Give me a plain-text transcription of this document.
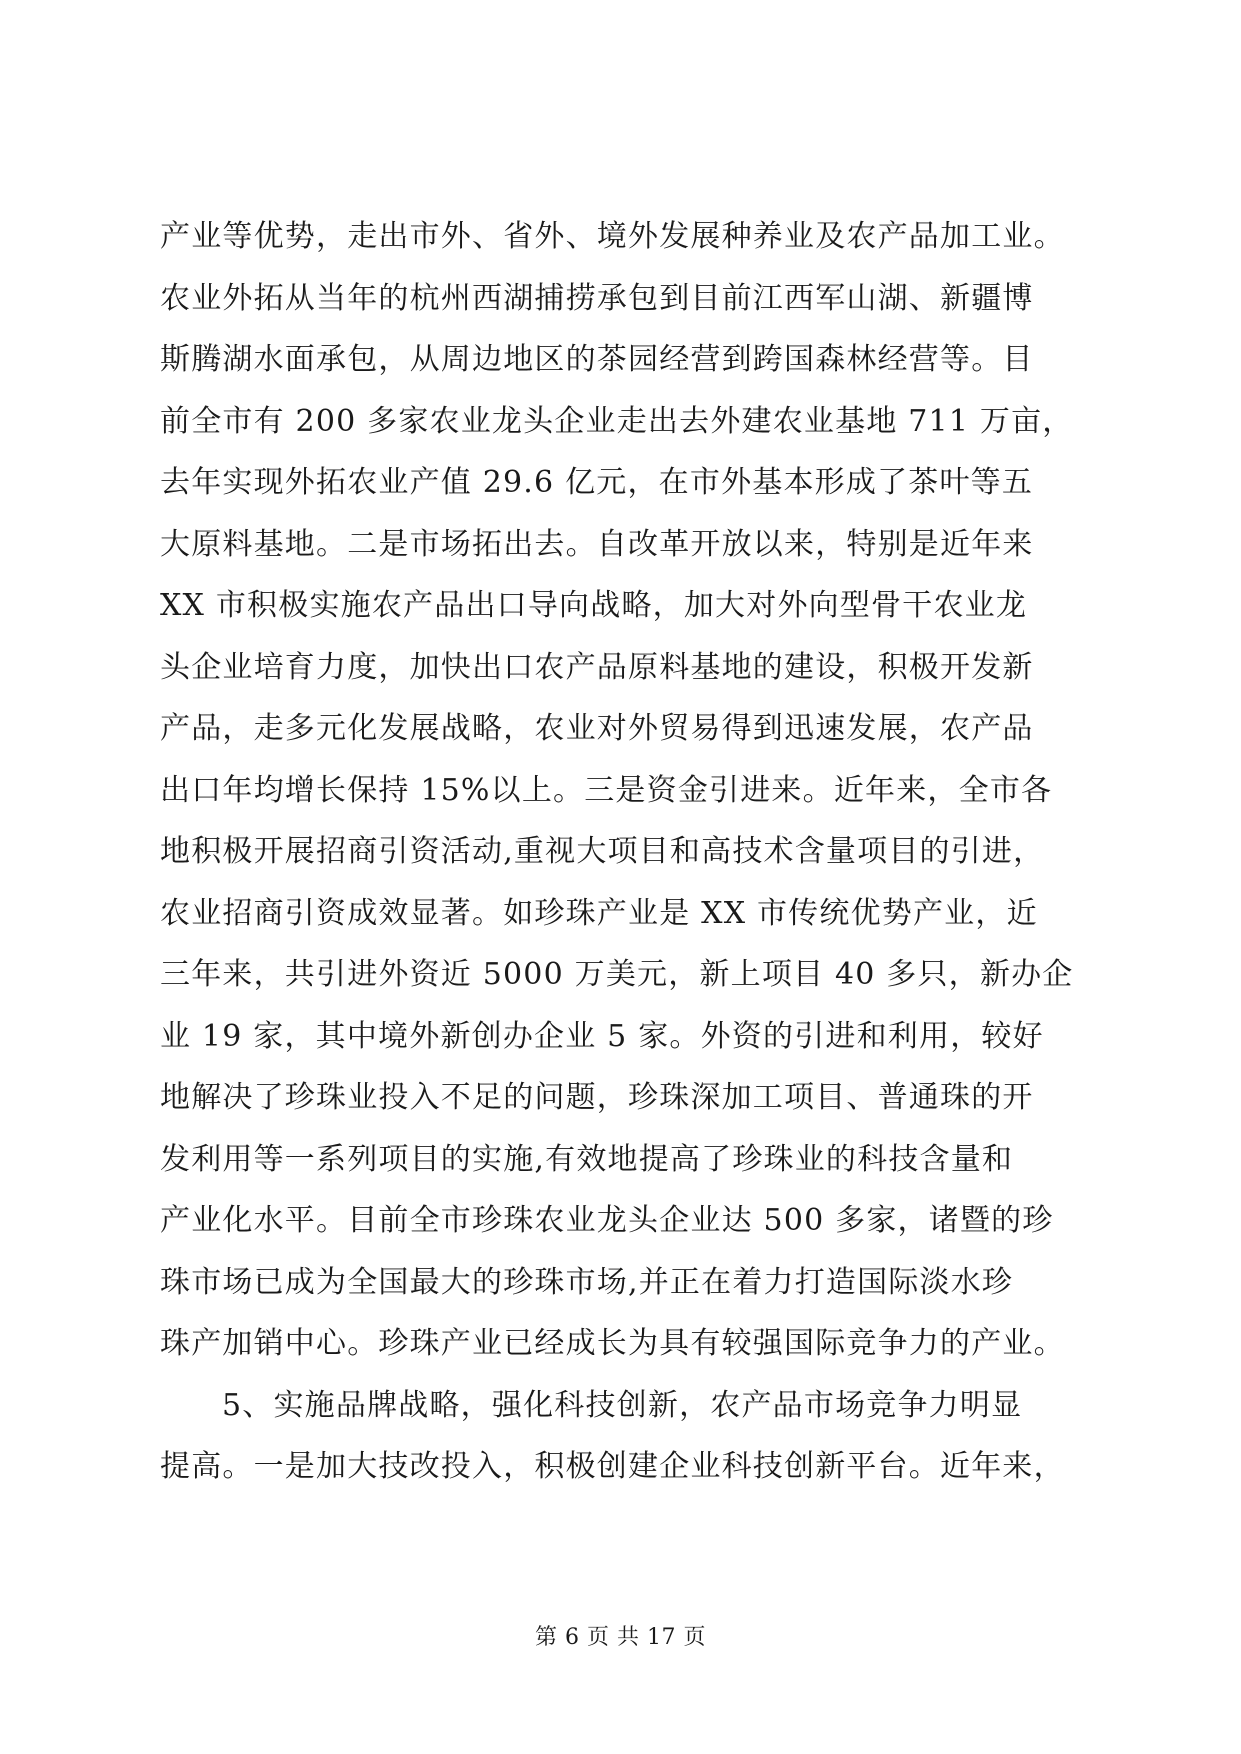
产业等优势，走出市外、省外、境外发展种养业及农产品加工业。
农业外拓从当年的杭州西湖捕捞承包到目前江西军山湖、新疆博
斯腾湖水面承包，从周边地区的茶园经营到跨国森林经营等。目
前全市有 200 多家农业龙头企业走出去外建农业基地 711 万亩，
去年实现外拓农业产值 29.6 亿元，在市外基本形成了茶叶等五
大原料基地。二是市场拓出去。自改革开放以来，特别是近年来
XX 市积极实施农产品出口导向战略，加大对外向型骨干农业龙
头企业培育力度，加快出口农产品原料基地的建设，积极开发新
产品，走多元化发展战略，农业对外贸易得到迅速发展，农产品
出口年均增长保持 15%以上。三是资金引进来。近年来，全市各
地积极开展招商引资活动,重视大项目和高技术含量项目的引进，
农业招商引资成效显著。如珍珠产业是 XX 市传统优势产业，近
三年来，共引进外资近 5000 万美元，新上项目 40 多只，新办企
业 19 家，其中境外新创办企业 5 家。外资的引进和利用，较好
地解决了珍珠业投入不足的问题，珍珠深加工项目、普通珠的开
发利用等一系列项目的实施,有效地提高了珍珠业的科技含量和
产业化水平。目前全市珍珠农业龙头企业达 500 多家，诸暨的珍
珠市场已成为全国最大的珍珠市场,并正在着力打造国际淡水珍
珠产加销中心。珍珠产业已经成长为具有较强国际竞争力的产业。
5、实施品牌战略，强化科技创新，农产品市场竞争力明显
提高。一是加大技改投入，积极创建企业科技创新平台。近年来，
第 6 页 共 17 页
